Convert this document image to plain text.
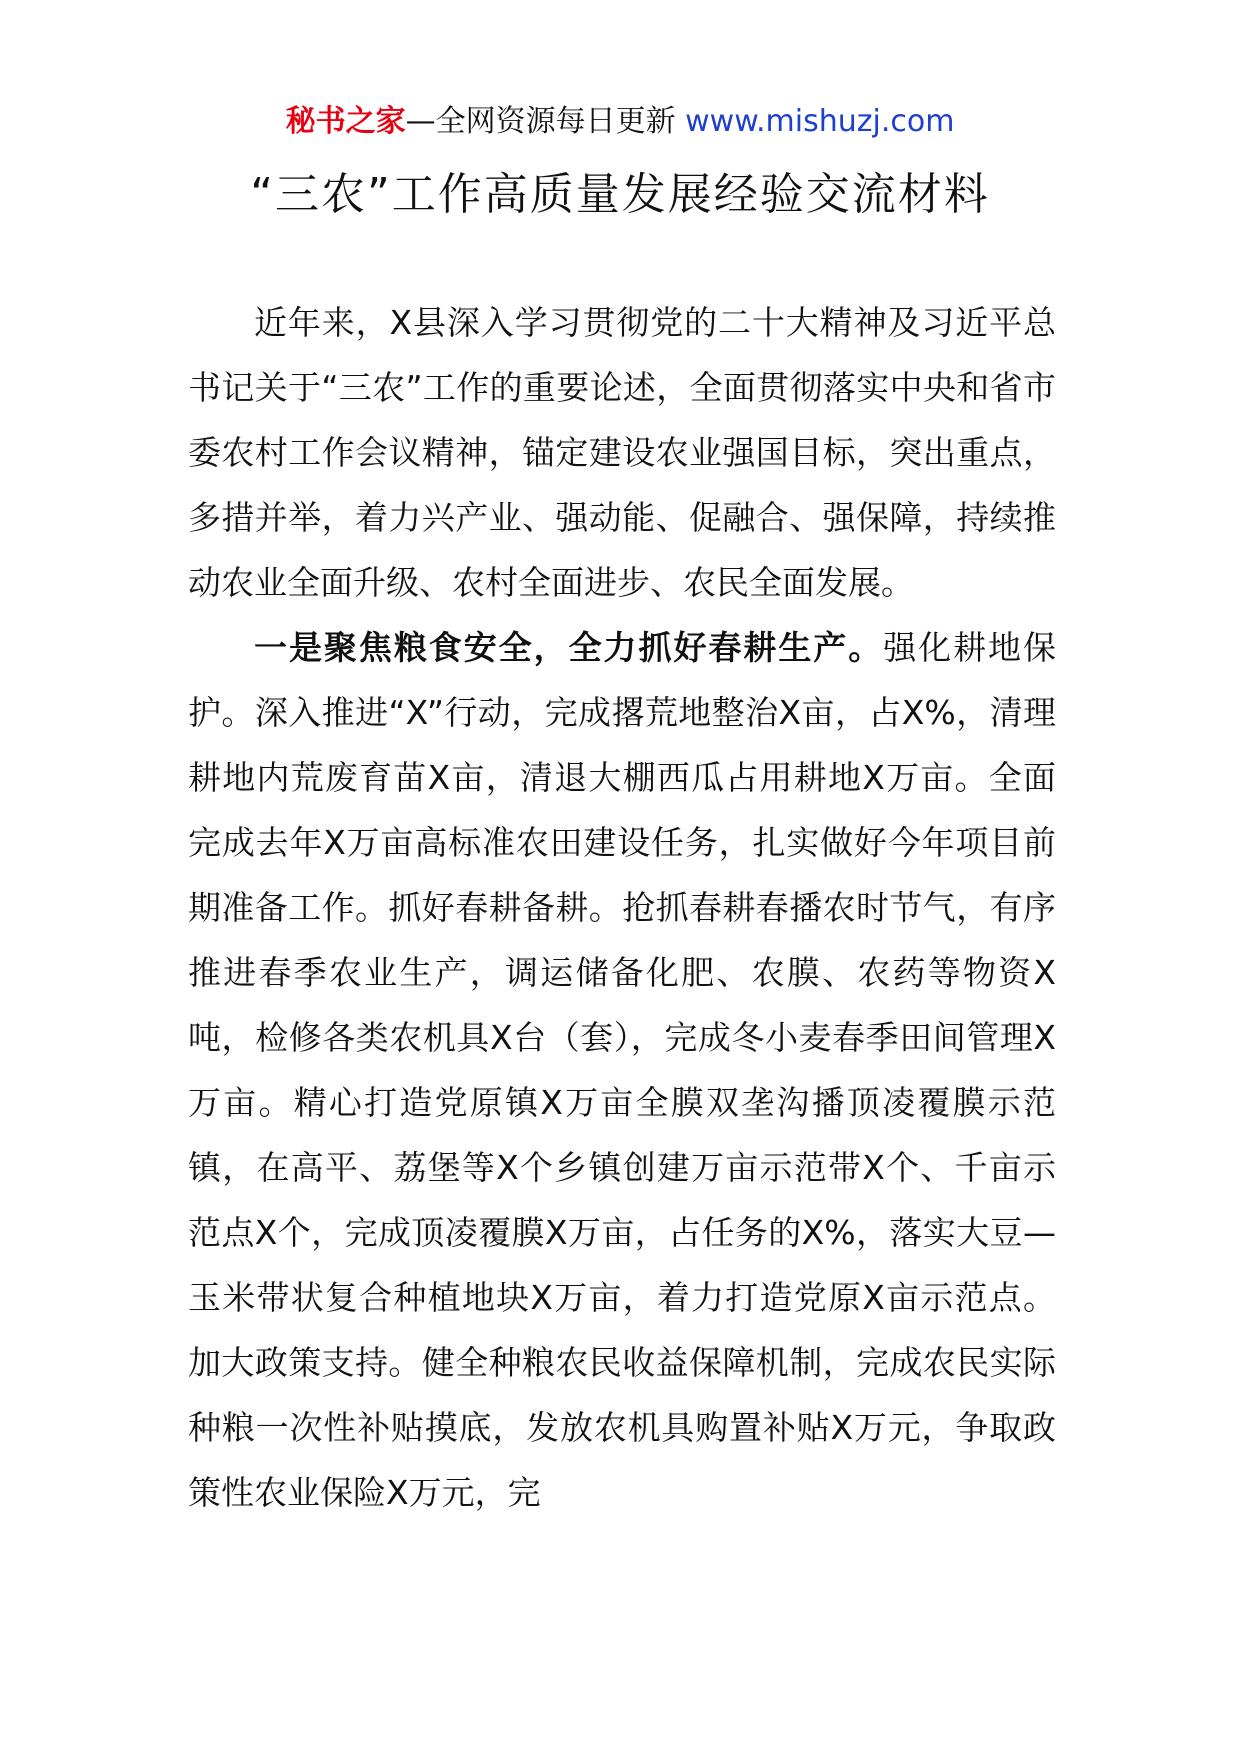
秘书之家—全网资源每日更新 www.mishuzj.com
“三农”工作高质量发展经验交流材料

近年来，X县深入学习贯彻党的二十大精神及习近平总书记关于“三农”工作的重要论述，全面贯彻落实中央和省市委农村工作会议精神，锚定建设农业强国目标，突出重点，多措并举，着力兴产业、强动能、促融合、强保障，持续推动农业全面升级、农村全面进步、农民全面发展。

一是聚焦粮食安全，全力抓好春耕生产。强化耕地保护。深入推进“X”行动，完成撂荒地整治X亩，占X%，清理耕地内荒废育苗X亩，清退大棚西瓜占用耕地X万亩。全面完成去年X万亩高标准农田建设任务，扎实做好今年项目前期准备工作。抓好春耕备耕。抢抓春耕春播农时节气，有序推进春季农业生产，调运储备化肥、农膜、农药等物资X吨，检修各类农机具X台（套），完成冬小麦春季田间管理X万亩。精心打造党原镇X万亩全膜双垄沟播顶凌覆膜示范镇，在高平、荔堡等X个乡镇创建万亩示范带X个、千亩示范点X个，完成顶凌覆膜X万亩，占任务的X%，落实大豆—玉米带状复合种植地块X万亩，着力打造党原X亩示范点。加大政策支持。健全种粮农民收益保障机制，完成农民实际种粮一次性补贴摸底，发放农机具购置补贴X万元，争取政策性农业保险X万元，完
